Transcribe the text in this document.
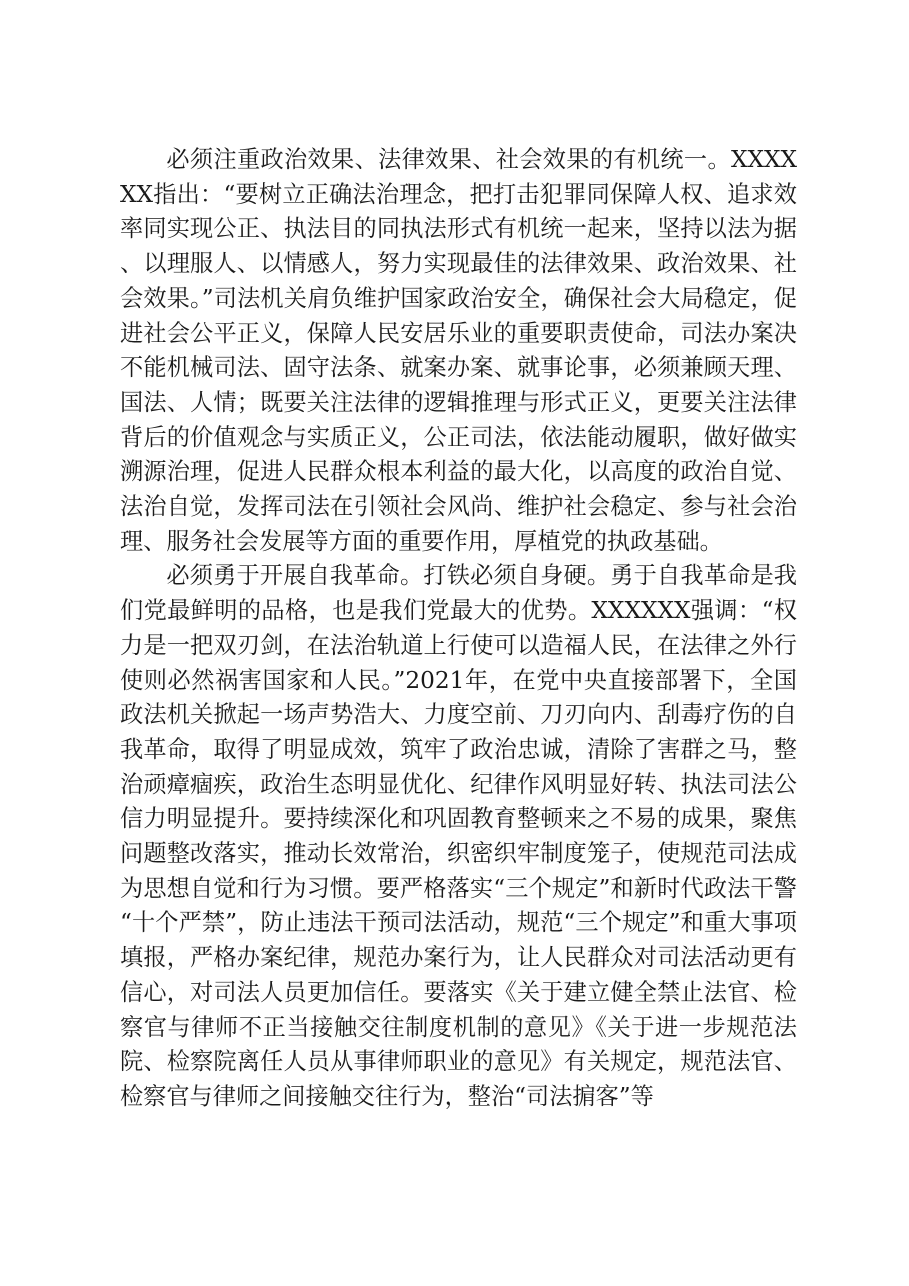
必须注重政治效果、法律效果、社会效果的有机统一。XXXXXX指出：“要树立正确法治理念，把打击犯罪同保障人权、追求效率同实现公正、执法目的同执法形式有机统一起来，坚持以法为据、以理服人、以情感人，努力实现最佳的法律效果、政治效果、社会效果。”司法机关肩负维护国家政治安全，确保社会大局稳定，促进社会公平正义，保障人民安居乐业的重要职责使命，司法办案决不能机械司法、固守法条、就案办案、就事论事，必须兼顾天理、国法、人情；既要关注法律的逻辑推理与形式正义，更要关注法律背后的价值观念与实质正义，公正司法，依法能动履职，做好做实溯源治理，促进人民群众根本利益的最大化，以高度的政治自觉、法治自觉，发挥司法在引领社会风尚、维护社会稳定、参与社会治理、服务社会发展等方面的重要作用，厚植党的执政基础。

必须勇于开展自我革命。打铁必须自身硬。勇于自我革命是我们党最鲜明的品格，也是我们党最大的优势。XXXXXX强调：“权力是一把双刃剑，在法治轨道上行使可以造福人民，在法律之外行使则必然祸害国家和人民。”2021年，在党中央直接部署下，全国政法机关掀起一场声势浩大、力度空前、刀刃向内、刮毒疗伤的自我革命，取得了明显成效，筑牢了政治忠诚，清除了害群之马，整治顽瘴痼疾，政治生态明显优化、纪律作风明显好转、执法司法公信力明显提升。要持续深化和巩固教育整顿来之不易的成果，聚焦问题整改落实，推动长效常治，织密织牢制度笼子，使规范司法成为思想自觉和行为习惯。要严格落实“三个规定”和新时代政法干警“十个严禁”，防止违法干预司法活动，规范“三个规定”和重大事项填报，严格办案纪律，规范办案行为，让人民群众对司法活动更有信心，对司法人员更加信任。要落实《关于建立健全禁止法官、检察官与律师不正当接触交往制度机制的意见》《关于进一步规范法院、检察院离任人员从事律师职业的意见》有关规定，规范法官、检察官与律师之间接触交往行为，整治“司法掮客”等
